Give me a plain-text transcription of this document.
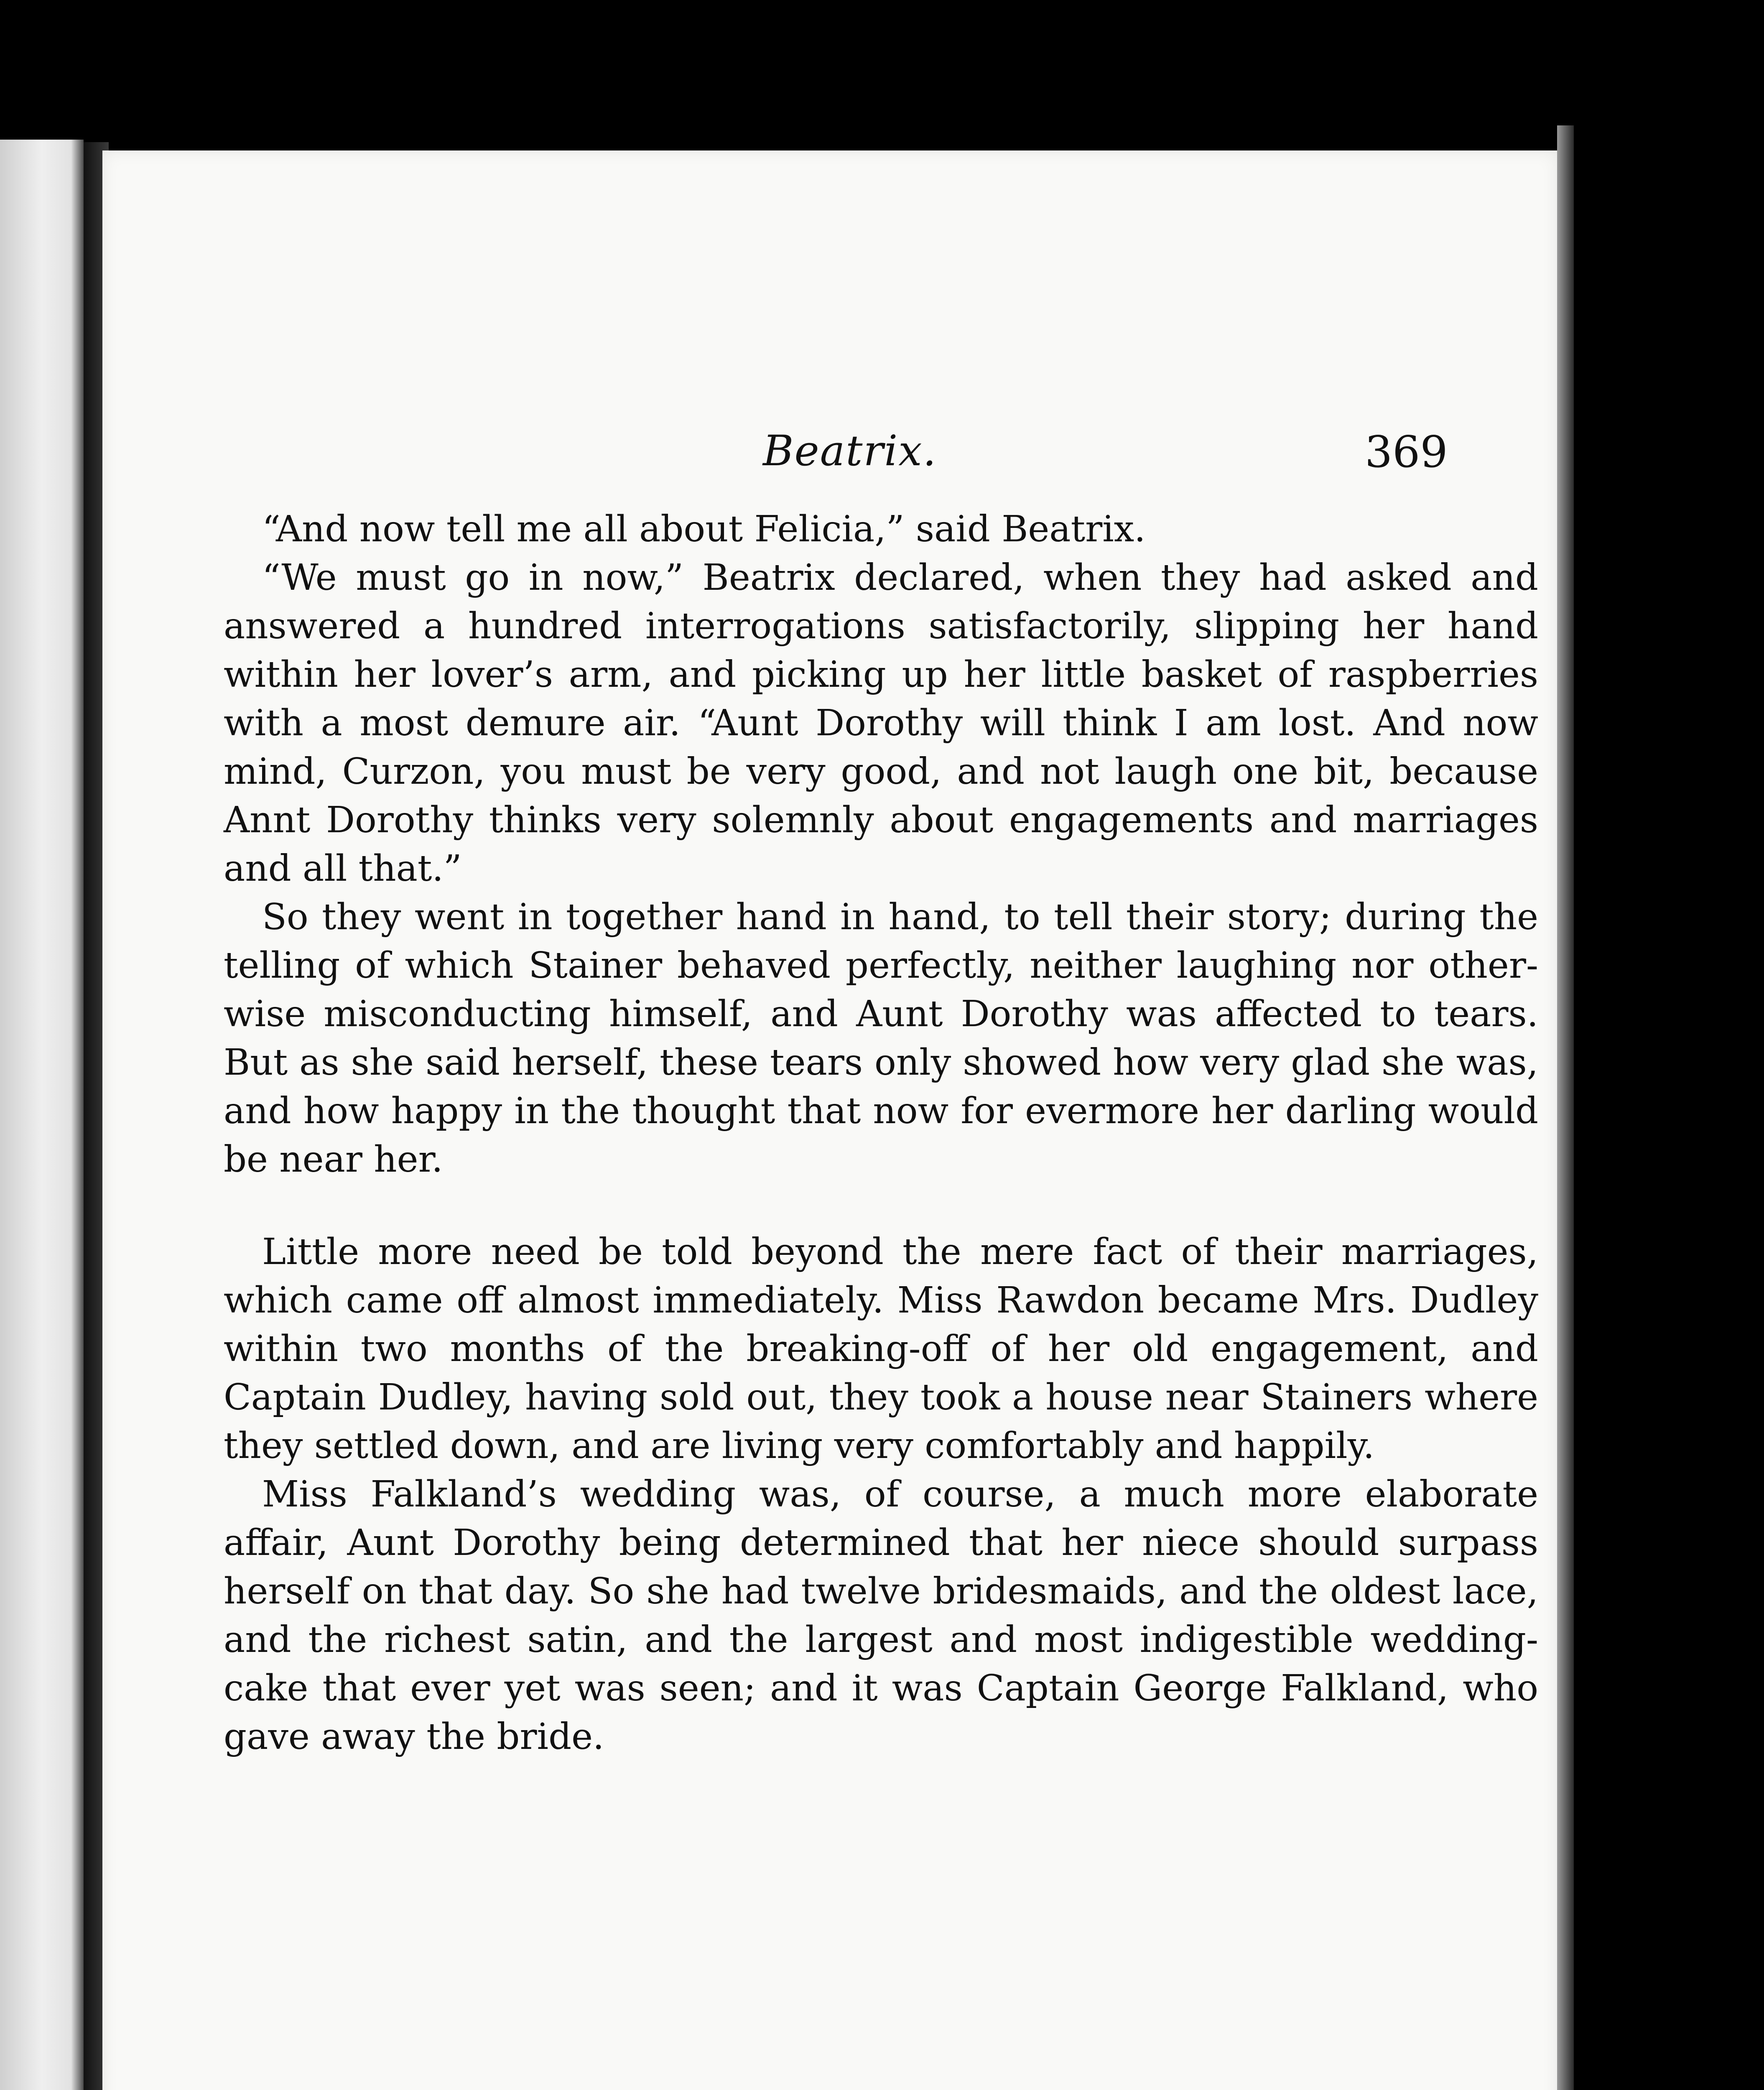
Beatrix.	369

“And now tell me all about Felicia,” said Beatrix.

“We must go in now,” Beatrix declared, when they had asked and answered a hundred interrogations satisfactorily, slipping her hand within her lover’s arm, and picking up her little basket of raspberries with a most demure air. “Aunt Dorothy will think I am lost. And now mind, Curzon, you must be very good, and not laugh one bit, because Annt Dorothy thinks very solemnly about engagements and marriages and all that.”

So they went in together hand in hand, to tell their story; during the telling of which Stainer behaved perfectly, neither laughing nor otherwise misconducting himself, and Aunt Dorothy was affected to tears. But as she said herself, these tears only showed how very glad she was, and how happy in the thought that now for evermore her darling would be near her.

Little more need be told beyond the mere fact of their marriages, which came off almost immediately. Miss Rawdon became Mrs. Dudley within two months of the breaking-off of her old engagement, and Captain Dudley, having sold out, they took a house near Stainers where they settled down, and are living very comfortably and happily.

Miss Falkland’s wedding was, of course, a much more elaborate affair, Aunt Dorothy being determined that her niece should surpass herself on that day. So she had twelve bridesmaids, and the oldest lace, and the richest satin, and the largest and most indigestible wedding-cake that ever yet was seen; and it was Captain George Falkland, who gave away the bride.
